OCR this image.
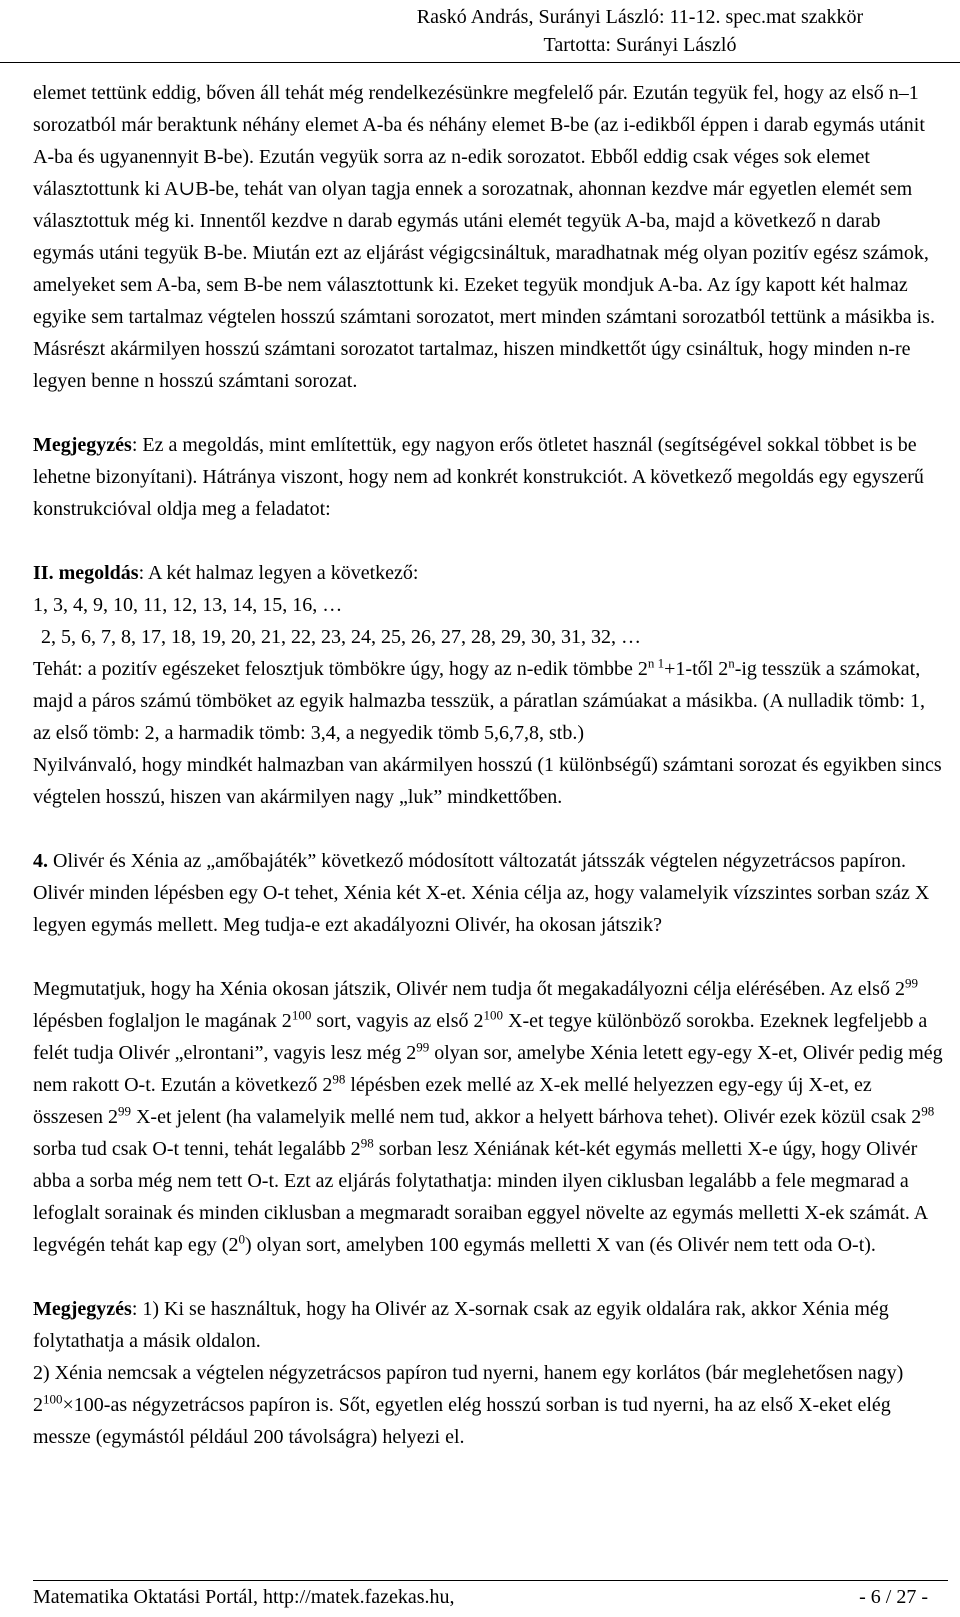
Raskó András, Surányi László: 11-12. spec.mat szakkör
Tartotta: Surányi László

elemet tettünk eddig, bőven áll tehát még rendelkezésünkre megfelelő pár. Ezután tegyük fel, hogy az első n–1 sorozatból már beraktunk néhány elemet A-ba és néhány elemet B-be (az i-edikből éppen i darab egymás utánit A-ba és ugyanennyit B-be). Ezután vegyük sorra az n-edik sorozatot. Ebből eddig csak véges sok elemet választottunk ki A∪B-be, tehát van olyan tagja ennek a sorozatnak, ahonnan kezdve már egyetlen elemét sem választottuk még ki. Innentől kezdve n darab egymás utáni elemét tegyük A-ba, majd a következő n darab egymás utáni tegyük B-be. Miután ezt az eljárást végigcsináltuk, maradhatnak még olyan pozitív egész számok, amelyeket sem A-ba, sem B-be nem választottunk ki. Ezeket tegyük mondjuk A-ba. Az így kapott két halmaz egyike sem tartalmaz végtelen hosszú számtani sorozatot, mert minden számtani sorozatból tettünk a másikba is. Másrészt akármilyen hosszú számtani sorozatot tartalmaz, hiszen mindkettőt úgy csináltuk, hogy minden n-re legyen benne n hosszú számtani sorozat.

Megjegyzés: Ez a megoldás, mint említettük, egy nagyon erős ötletet használ (segítségével sokkal többet is be lehetne bizonyítani). Hátránya viszont, hogy nem ad konkrét konstrukciót. A következő megoldás egy egyszerű konstrukcióval oldja meg a feladatot:

II. megoldás: A két halmaz legyen a következő:

1, 3, 4, 9, 10, 11, 12, 13, 14, 15, 16, …

2, 5, 6, 7, 8, 17, 18, 19, 20, 21, 22, 23, 24, 25, 26, 27, 28, 29, 30, 31, 32, …

Tehát: a pozitív egészeket felosztjuk tömbökre úgy, hogy az n-edik tömbbe $2^{n 1}+1$-től 2$^n$-ig tesszük a számokat, majd a páros számú tömböket az egyik halmazba tesszük, a páratlan számúakat a másikba. (A nulladik tömb: 1, az első tömb: 2, a harmadik tömb: 3,4, a negyedik tömb 5,6,7,8, stb.)

Nyilvánvaló, hogy mindkét halmazban van akármilyen hosszú (1 különbségű) számtani sorozat és egyikben sincs végtelen hosszú, hiszen van akármilyen nagy „luk” mindkettőben.

4. Olivér és Xénia az „amőbajáték” következő módosított változatát játsszák végtelen négyzetrácsos papíron. Olivér minden lépésben egy O-t tehet, Xénia két X-et. Xénia célja az, hogy valamelyik vízszintes sorban száz X legyen egymás mellett. Meg tudja-e ezt akadályozni Olivér, ha okosan játszik?

Megmutatjuk, hogy ha Xénia okosan játszik, Olivér nem tudja őt megakadályozni célja elérésében. Az első $2^{99}$ lépésben foglaljon le magának $2^{100}$ sort, vagyis az első $2^{100}$ X-et tegye különböző sorokba. Ezeknek legfeljebb a felét tudja Olivér „elrontani”, vagyis lesz még $2^{99}$ olyan sor, amelybe Xénia letett egy-egy X-et, Olivér pedig még nem rakott O-t. Ezután a következő $2^{98}$ lépésben ezek mellé az X-ek mellé helyezzen egy-egy új X-et, ez összesen $2^{99}$ X-et jelent (ha valamelyik mellé nem tud, akkor a helyett bárhova tehet). Olivér ezek közül csak $2^{98}$ sorba tud csak O-t tenni, tehát legalább $2^{98}$ sorban lesz Xéniának két-két egymás melletti X-e úgy, hogy Olivér abba a sorba még nem tett O-t. Ezt az eljárás folytathatja: minden ilyen ciklusban legalább a fele megmarad a lefoglalt sorainak és minden ciklusban a megmaradt soraiban eggyel növelte az egymás melletti X-ek számát. A legvégén tehát kap egy $(2^0)$ olyan sort, amelyben 100 egymás melletti X van (és Olivér nem tett oda O-t).

Megjegyzés: 1) Ki se használtuk, hogy ha Olivér az X-sornak csak az egyik oldalára rak, akkor Xénia még folytathatja a másik oldalon.

2) Xénia nemcsak a végtelen négyzetrácsos papíron tud nyerni, hanem egy korlátos (bár meglehetősen nagy) $2^{100}\times 100-as$ négyzetrácsos papíron is. Sőt, egyetlen elég hosszú sorban is tud nyerni, ha az első X-eket elég messze (egymástól például 200 távolságra) helyezi el.

Matematika Oktatási Portál, http://matek.fazekas.hu,	- 6 / 27 -
